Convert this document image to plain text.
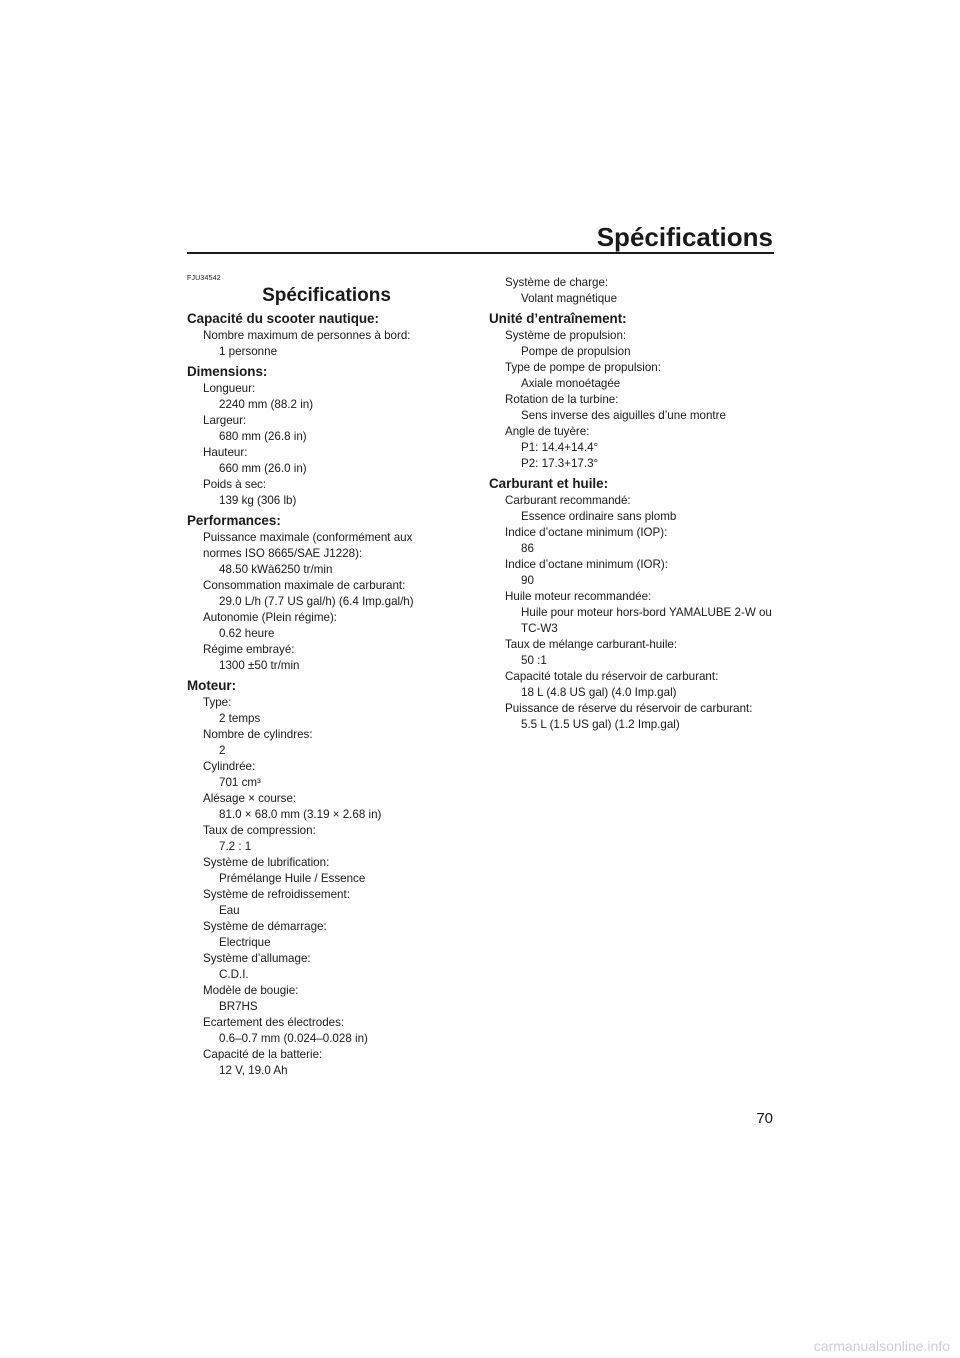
Spécifications

FJU34542

Spécifications
Capacité du scooter nautique:

Nombre maximum de personnes à bord:

1 personne

Dimensions:

Longueur:

2240 mm (88.2 in)

Largeur:

680 mm (26.8 in)

Hauteur:

660 mm (26.0 in)

Poids à sec:

139 kg (306 lb)

Performances:

Puissance maximale (conformément aux normes ISO 8665/SAE J1228):

48.50 kWà6250 tr/min

Consommation maximale de carburant:

29.0 L/h (7.7 US gal/h) (6.4 Imp.gal/h)

Autonomie (Plein régime):

0.62 heure

Régime embrayé:

1300 ±50 tr/min

Moteur:

Type:

2 temps

Nombre de cylindres:

2

Cylindrée:

701 cm³

Alésage × course:

81.0 × 68.0 mm (3.19 × 2.68 in)

Taux de compression:

7.2 : 1

Système de lubrification:

Prémélange Huile / Essence

Système de refroidissement:

Eau

Système de démarrage:

Electrique

Système d’allumage:

C.D.I.

Modèle de bougie:

BR7HS

Ecartement des électrodes:

0.6–0.7 mm (0.024–0.028 in)

Capacité de la batterie:

12 V, 19.0 Ah

Système de charge:

Volant magnétique

Unité d’entraînement:

Système de propulsion:

Pompe de propulsion

Type de pompe de propulsion:

Axiale monoétagée

Rotation de la turbine:

Sens inverse des aiguilles d’une montre

Angle de tuyère:

P1: 14.4+14.4°

P2: 17.3+17.3°

Carburant et huile:

Carburant recommandé:

Essence ordinaire sans plomb

Indice d’octane minimum (IOP):

86

Indice d’octane minimum (IOR):

90

Huile moteur recommandée:

Huile pour moteur hors-bord YAMALUBE 2-W ou TC-W3

Taux de mélange carburant-huile:

50 :1

Capacité totale du réservoir de carburant:

18 L (4.8 US gal) (4.0 Imp.gal)

Puissance de réserve du réservoir de carburant:

5.5 L (1.5 US gal) (1.2 Imp.gal)

70

carmanualsonline.info
